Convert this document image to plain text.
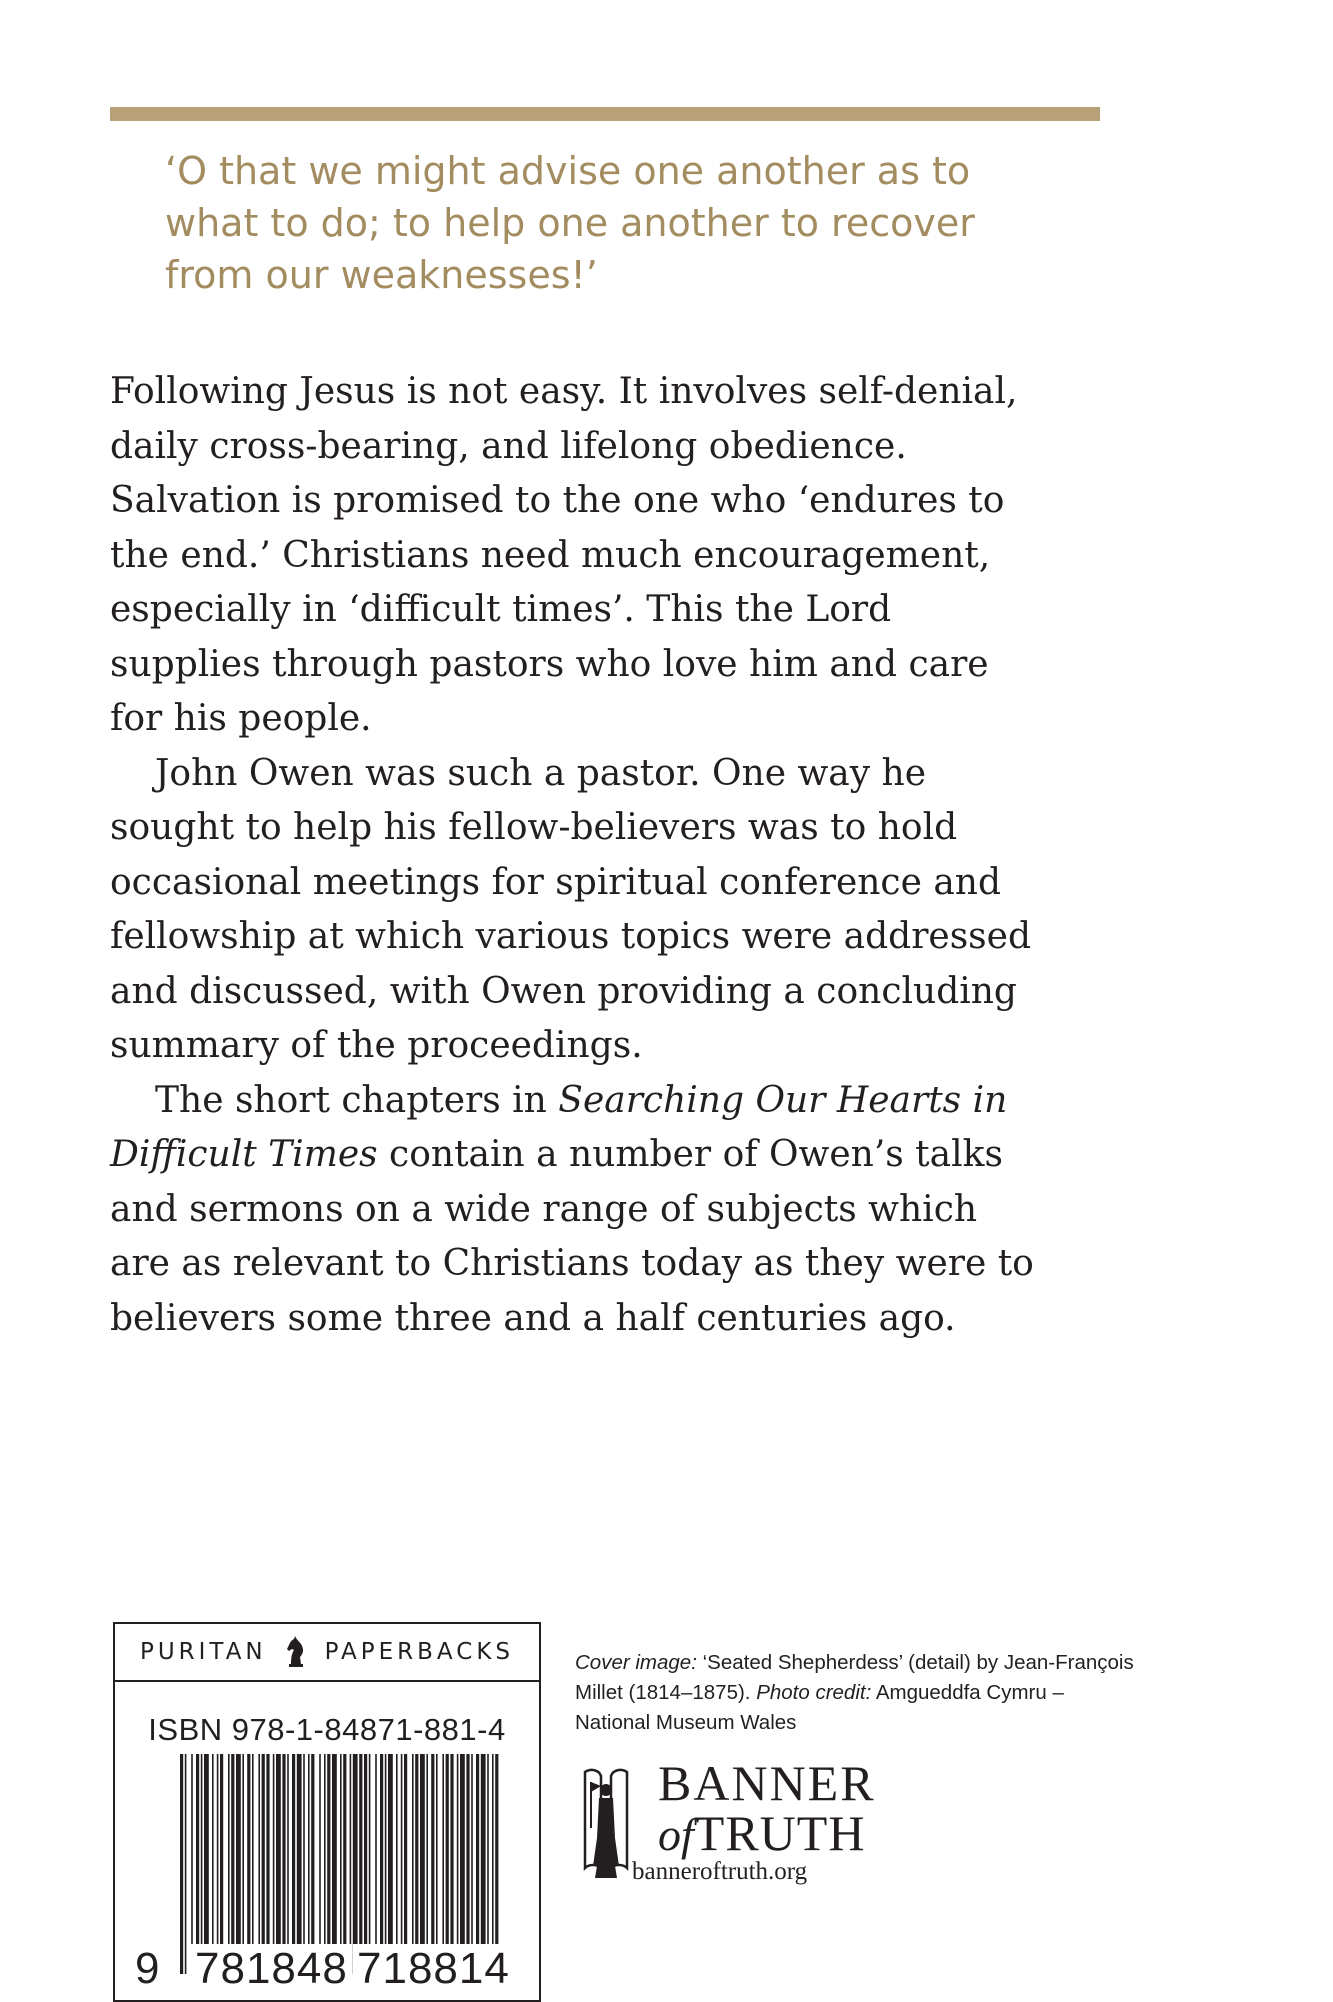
‘O that we might advise one another as to
what to do; to help one another to recover
from our weaknesses!’
Following Jesus is not easy. It involves self-denial,
daily cross-bearing, and lifelong obedience.
Salvation is promised to the one who ‘endures to
the end.’ Christians need much encouragement,
especially in ‘difficult times’. This the Lord
supplies through pastors who love him and care
for his people.
John Owen was such a pastor. One way he
sought to help his fellow-believers was to hold
occasional meetings for spiritual conference and
fellowship at which various topics were addressed
and discussed, with Owen providing a concluding
summary of the proceedings.
The short chapters in Searching Our Hearts in
Difficult Times contain a number of Owen’s talks
and sermons on a wide range of subjects which
are as relevant to Christians today as they were to
believers some three and a half centuries ago.
PURITAN	PAPERBACKS
ISBN 978-1-84871-881-4
9 781848 718814
Cover image: ‘Seated Shepherdess’ (detail) by Jean-François
Millet (1814–1875). Photo credit: Amgueddfa Cymru –
National Museum Wales
BANNER
ofTRUTH
banneroftruth.org
